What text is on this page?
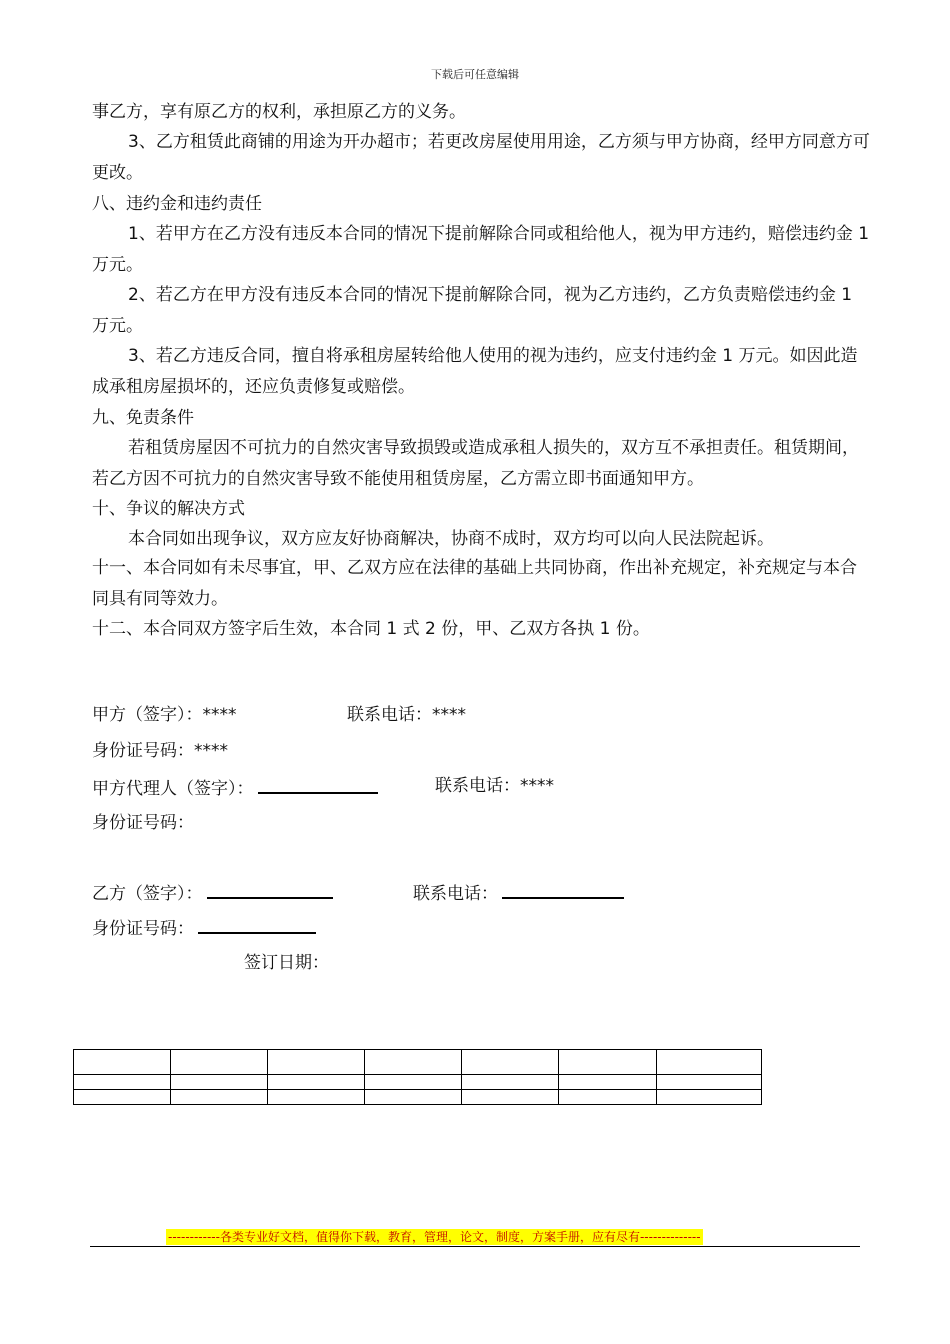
下载后可任意编辑

事乙方，享有原乙方的权利，承担原乙方的义务。

3、乙方租赁此商铺的用途为开办超市；若更改房屋使用用途，乙方须与甲方协商，经甲方同意方可更改。

八、违约金和违约责任

1、若甲方在乙方没有违反本合同的情况下提前解除合同或租给他人，视为甲方违约，赔偿违约金 1 万元。

2、若乙方在甲方没有违反本合同的情况下提前解除合同，视为乙方违约，乙方负责赔偿违约金 1 万元。

3、若乙方违反合同，擅自将承租房屋转给他人使用的视为违约，应支付违约金 1 万元。如因此造成承租房屋损坏的，还应负责修复或赔偿。

九、免责条件

若租赁房屋因不可抗力的自然灾害导致损毁或造成承租人损失的，双方互不承担责任。租赁期间，若乙方因不可抗力的自然灾害导致不能使用租赁房屋，乙方需立即书面通知甲方。

十、争议的解决方式

本合同如出现争议，双方应友好协商解决，协商不成时，双方均可以向人民法院起诉。

十一、本合同如有未尽事宜，甲、乙双方应在法律的基础上共同协商，作出补充规定，补充规定与本合同具有同等效力。

十二、本合同双方签字后生效，本合同 1 式 2 份，甲、乙双方各执 1 份。

甲方（签字）：****	联系电话：****
身份证号码：****
甲方代理人（签字）：	联系电话：****
身份证号码：
乙方（签字）：	联系电话：
身份证号码：
签订日期：

------------各类专业好文档，值得你下载，教育，管理，论文，制度，方案手册，应有尽有--------------
